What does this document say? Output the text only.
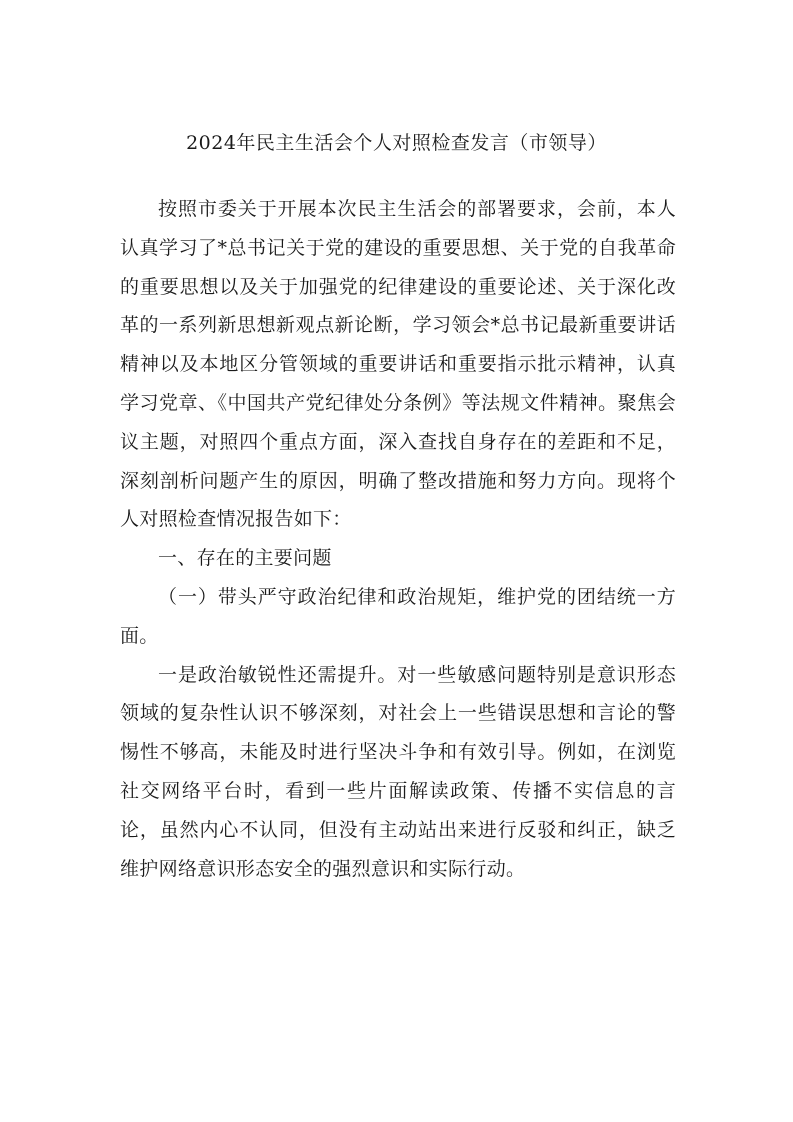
2024年民主生活会个人对照检查发言（市领导）

按照市委关于开展本次民主生活会的部署要求，会前，本人认真学习了*总书记关于党的建设的重要思想、关于党的自我革命的重要思想以及关于加强党的纪律建设的重要论述、关于深化改革的一系列新思想新观点新论断，学习领会*总书记最新重要讲话精神以及本地区分管领域的重要讲话和重要指示批示精神，认真学习党章、《中国共产党纪律处分条例》等法规文件精神。聚焦会议主题，对照四个重点方面，深入查找自身存在的差距和不足，深刻剖析问题产生的原因，明确了整改措施和努力方向。现将个人对照检查情况报告如下：

一、存在的主要问题

（一）带头严守政治纪律和政治规矩，维护党的团结统一方面。

一是政治敏锐性还需提升。对一些敏感问题特别是意识形态领域的复杂性认识不够深刻，对社会上一些错误思想和言论的警惕性不够高，未能及时进行坚决斗争和有效引导。例如，在浏览社交网络平台时，看到一些片面解读政策、传播不实信息的言论，虽然内心不认同，但没有主动站出来进行反驳和纠正，缺乏维护网络意识形态安全的强烈意识和实际行动。
